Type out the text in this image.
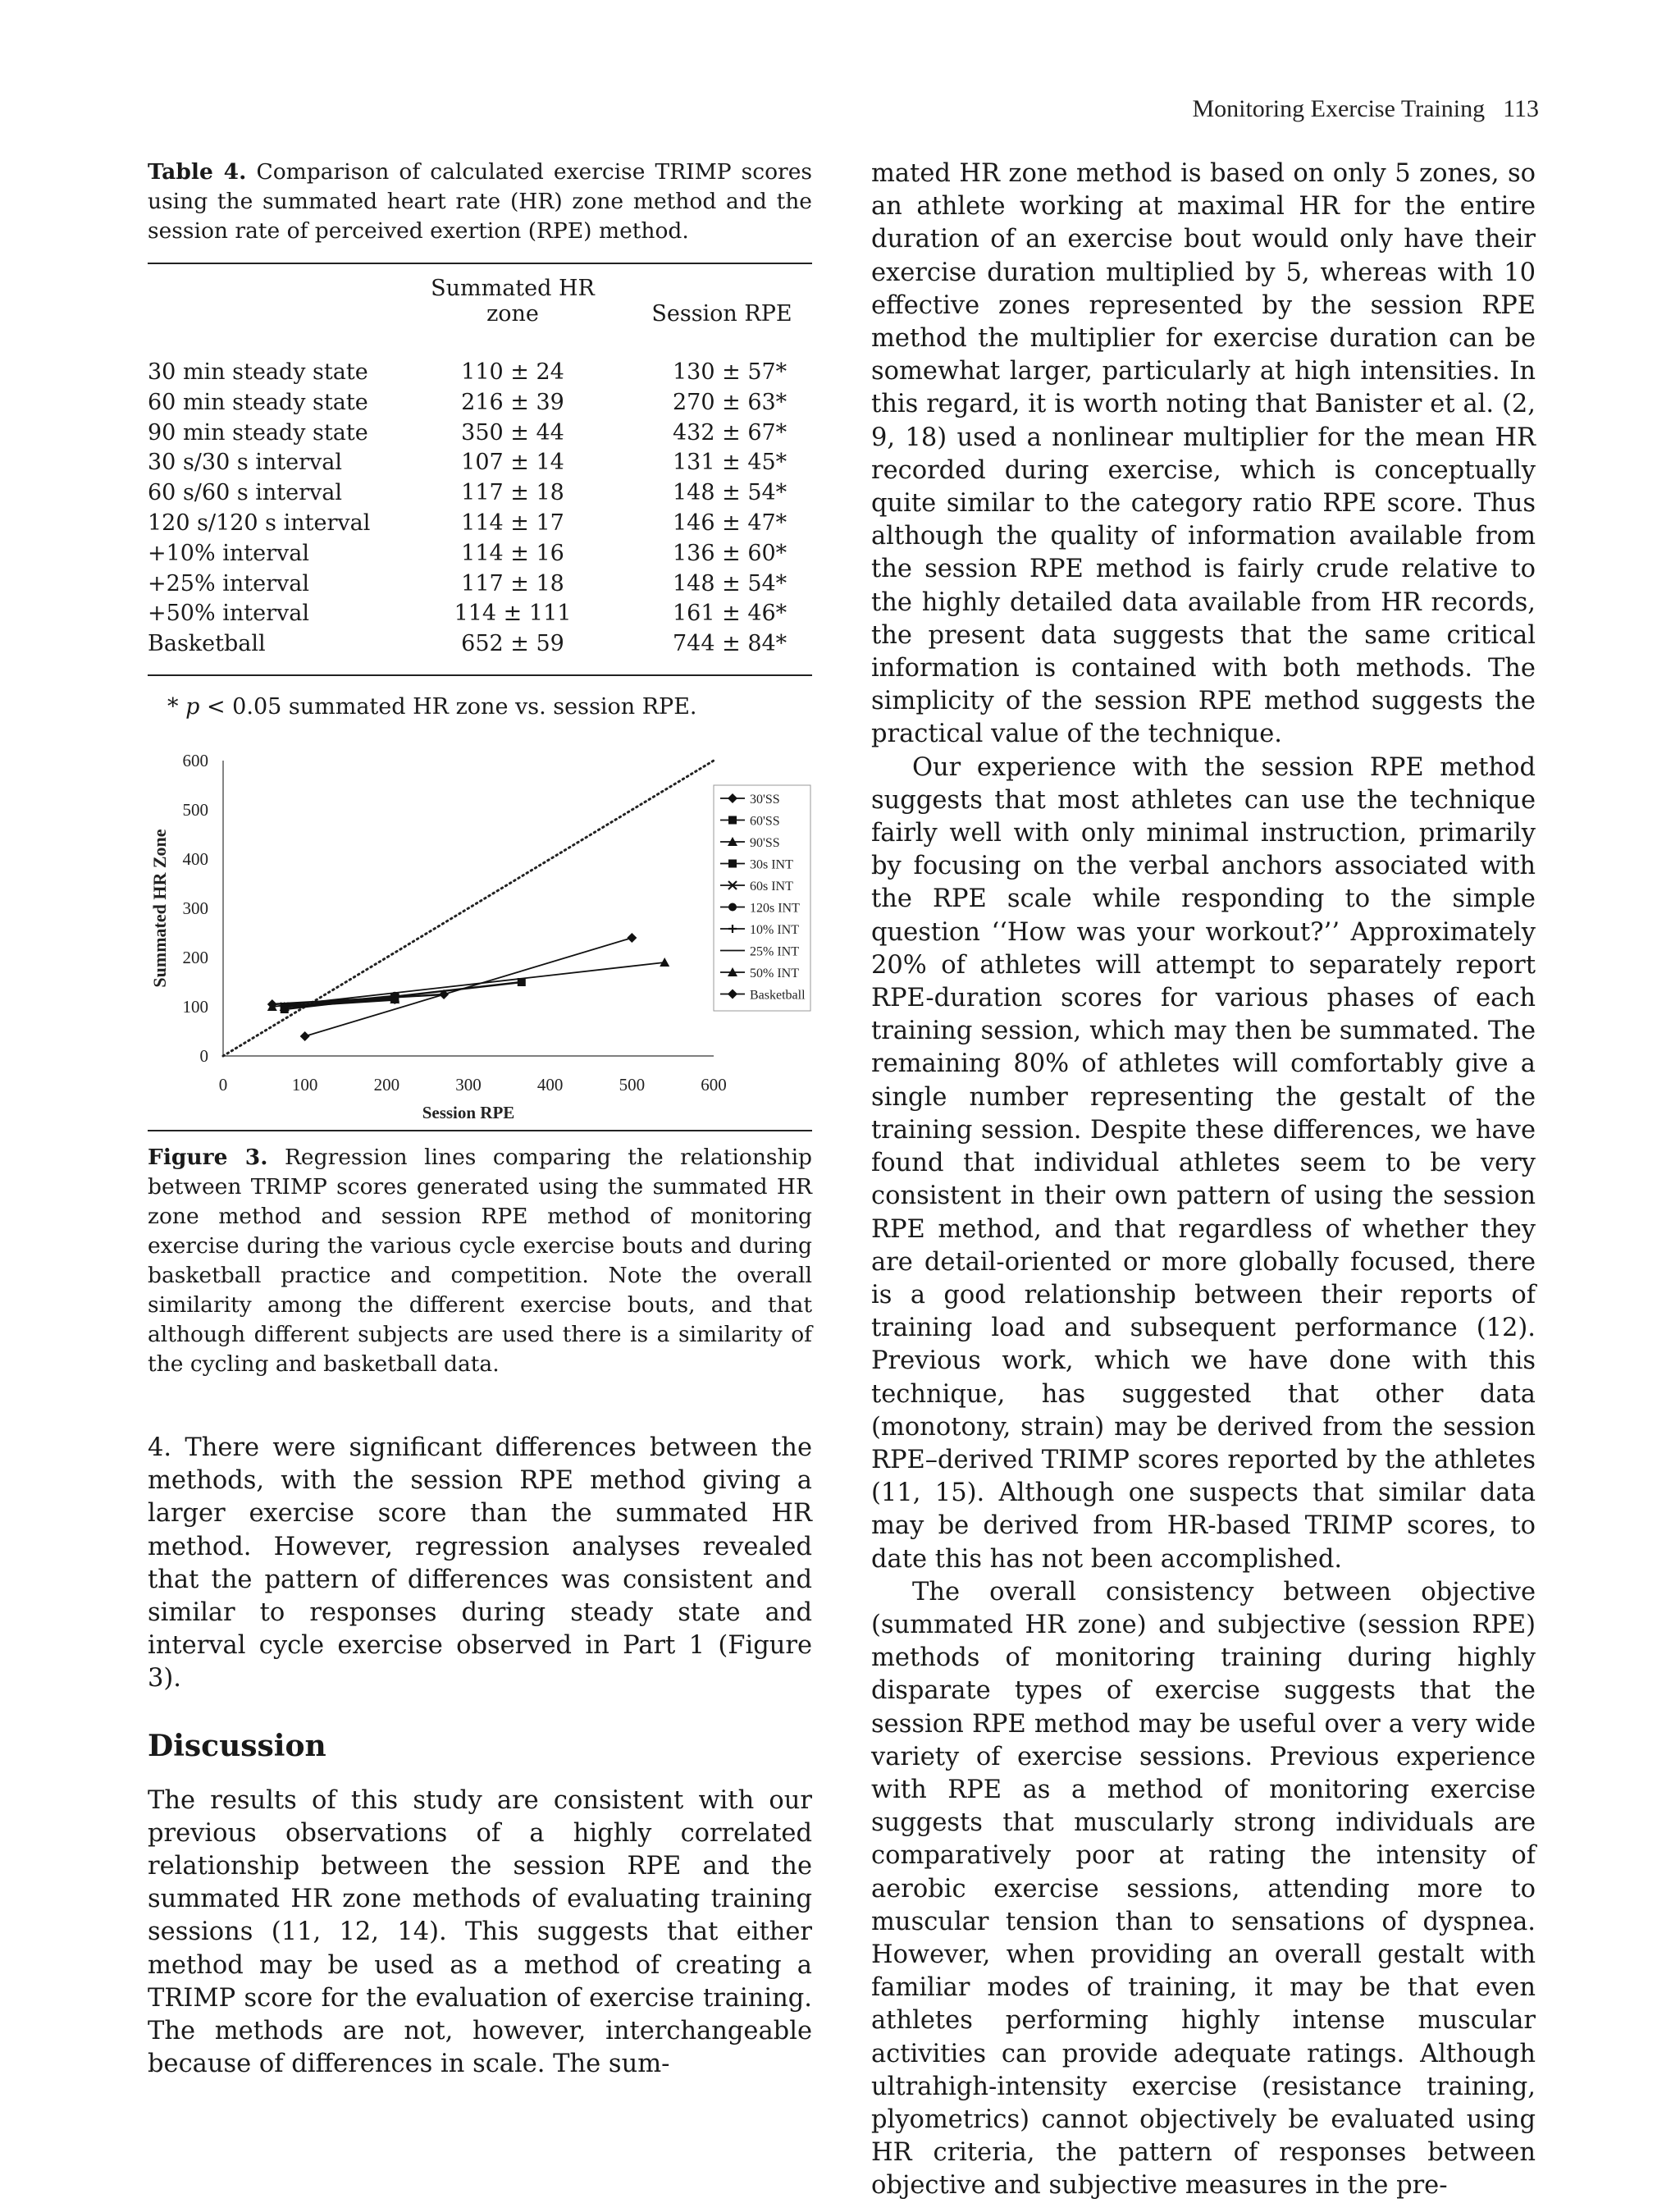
Monitoring Exercise Training 113

Table 4. Comparison of calculated exercise TRIMP scores using the summated heart rate (HR) zone method and the session rate of perceived exertion (RPE) method.

	Summated HR
zone	Session RPE
30 min steady state	110 ± 24	130 ± 57*
60 min steady state	216 ± 39	270 ± 63*
90 min steady state	350 ± 44	432 ± 67*
30 s/30 s interval	107 ± 14	131 ± 45*
60 s/60 s interval	117 ± 18	148 ± 54*
120 s/120 s interval	114 ± 17	146 ± 47*
+10% interval	114 ± 16	136 ± 60*
+25% interval	117 ± 18	148 ± 54*
+50% interval	114 ± 111	161 ± 46*
Basketball	652 ± 59	744 ± 84*

* p < 0.05 summated HR zone vs. session RPE.

0
100
200
300
400
500
600
0	100	200	300	400	500	600
Session RPE
Summated HR Zone
30'SS
60'SS
90'SS
30s INT
60s INT
120s INT
10% INT
25% INT
50% INT
Basketball

Figure 3. Regression lines comparing the relationship between TRIMP scores generated using the summated HR zone method and session RPE method of monitoring exercise during the various cycle exercise bouts and during basketball practice and competition. Note the overall similarity among the different exercise bouts, and that although different subjects are used there is a similarity of the cycling and basketball data.

4. There were significant differences between the methods, with the session RPE method giving a larger exercise score than the summated HR method. However, regression analyses revealed that the pattern of differences was consistent and similar to responses during steady state and interval cycle exercise observed in Part 1 (Figure 3).

Discussion

The results of this study are consistent with our previous observations of a highly correlated relationship between the session RPE and the summated HR zone methods of evaluating training sessions (11, 12, 14). This suggests that either method may be used as a method of creating a TRIMP score for the evaluation of exercise training. The methods are not, however, interchangeable because of differences in scale. The sum-

mated HR zone method is based on only 5 zones, so an athlete working at maximal HR for the entire duration of an exercise bout would only have their exercise duration multiplied by 5, whereas with 10 effective zones represented by the session RPE method the multiplier for exercise duration can be somewhat larger, particularly at high intensities. In this regard, it is worth noting that Banister et al. (2, 9, 18) used a nonlinear multiplier for the mean HR recorded during exercise, which is conceptually quite similar to the category ratio RPE score. Thus although the quality of information available from the session RPE method is fairly crude relative to the highly detailed data available from HR records, the present data suggests that the same critical information is contained with both methods. The simplicity of the session RPE method suggests the practical value of the technique.

Our experience with the session RPE method suggests that most athletes can use the technique fairly well with only minimal instruction, primarily by focusing on the verbal anchors associated with the RPE scale while responding to the simple question ‘‘How was your workout?’’ Approximately 20% of athletes will attempt to separately report RPE-duration scores for various phases of each training session, which may then be summated. The remaining 80% of athletes will comfortably give a single number representing the gestalt of the training session. Despite these differences, we have found that individual athletes seem to be very consistent in their own pattern of using the session RPE method, and that regardless of whether they are detail-oriented or more globally focused, there is a good relationship between their reports of training load and subsequent performance (12). Previous work, which we have done with this technique, has suggested that other data (monotony, strain) may be derived from the session RPE–derived TRIMP scores reported by the athletes (11, 15). Although one suspects that similar data may be derived from HR-based TRIMP scores, to date this has not been accomplished.

The overall consistency between objective (summated HR zone) and subjective (session RPE) methods of monitoring training during highly disparate types of exercise suggests that the session RPE method may be useful over a very wide variety of exercise sessions. Previous experience with RPE as a method of monitoring exercise suggests that muscularly strong individuals are comparatively poor at rating the intensity of aerobic exercise sessions, attending more to muscular tension than to sensations of dyspnea. However, when providing an overall gestalt with familiar modes of training, it may be that even athletes performing highly intense muscular activities can provide adequate ratings. Although ultrahigh-intensity exercise (resistance training, plyometrics) cannot objectively be evaluated using HR criteria, the pattern of responses between objective and subjective measures in the pre-
